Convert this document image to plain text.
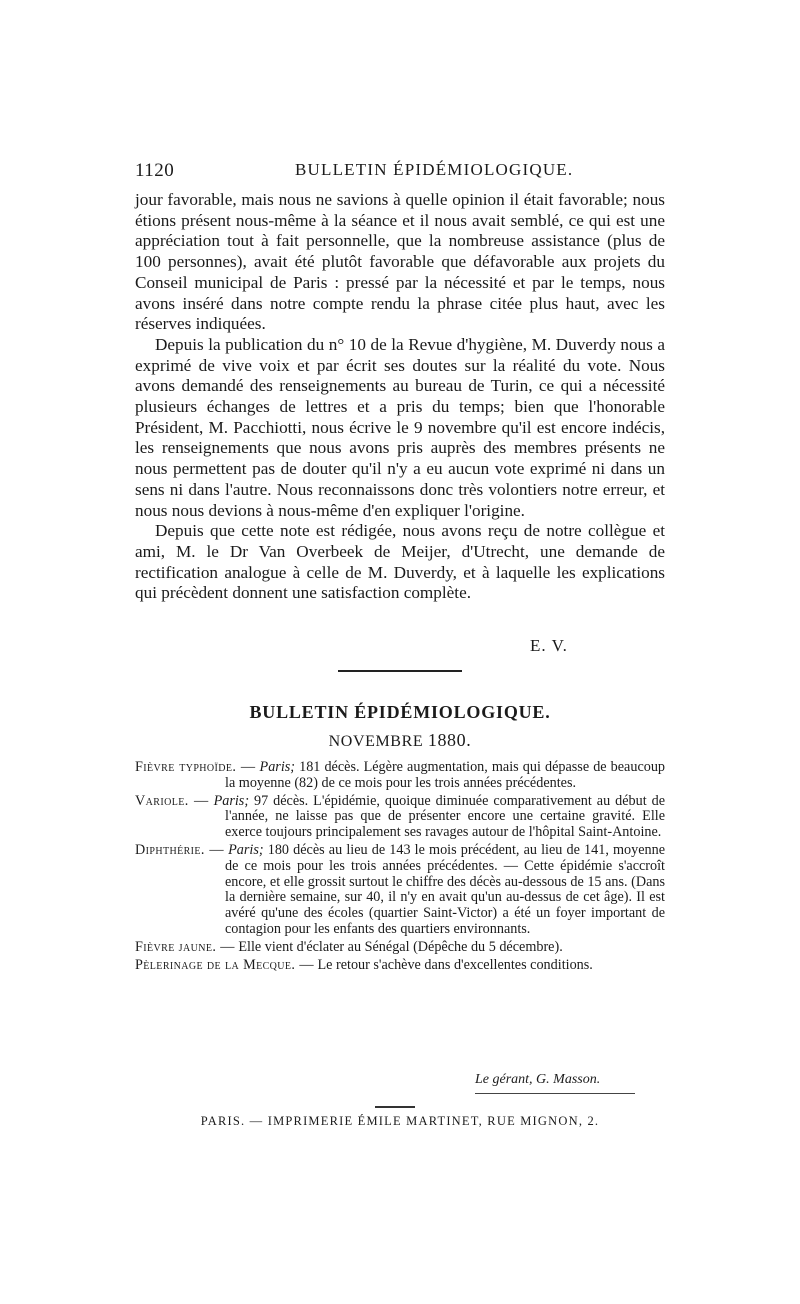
1120	BULLETIN ÉPIDÉMIOLOGIQUE.

jour favorable, mais nous ne savions à quelle opinion il était favorable; nous étions présent nous-même à la séance et il nous avait semblé, ce qui est une appréciation tout à fait personnelle, que la nombreuse assistance (plus de 100 personnes), avait été plutôt favorable que défavorable aux projets du Conseil municipal de Paris : pressé par la nécessité et par le temps, nous avons inséré dans notre compte rendu la phrase citée plus haut, avec les réserves indiquées.

Depuis la publication du n° 10 de la Revue d'hygiène, M. Duverdy nous a exprimé de vive voix et par écrit ses doutes sur la réalité du vote. Nous avons demandé des renseignements au bureau de Turin, ce qui a nécessité plusieurs échanges de lettres et a pris du temps; bien que l'honorable Président, M. Pacchiotti, nous écrive le 9 novembre qu'il est encore indécis, les renseignements que nous avons pris auprès des membres présents ne nous permettent pas de douter qu'il n'y a eu aucun vote exprimé ni dans un sens ni dans l'autre. Nous reconnaissons donc très volontiers notre erreur, et nous nous devions à nous-même d'en expliquer l'origine.

Depuis que cette note est rédigée, nous avons reçu de notre collègue et ami, M. le Dr Van Overbeek de Meijer, d'Utrecht, une demande de rectification analogue à celle de M. Duverdy, et à laquelle les explications qui précèdent donnent une satisfaction complète.

E. V.
BULLETIN ÉPIDÉMIOLOGIQUE.
NOVEMBRE 1880.

Fièvre typhoïde. — Paris; 181 décès. Légère augmentation, mais qui dépasse de beaucoup la moyenne (82) de ce mois pour les trois années précédentes.

Variole. — Paris; 97 décès. L'épidémie, quoique diminuée comparativement au début de l'année, ne laisse pas que de présenter encore une certaine gravité. Elle exerce toujours principalement ses ravages autour de l'hôpital Saint-Antoine.

Diphthérie. — Paris; 180 décès au lieu de 143 le mois précédent, au lieu de 141, moyenne de ce mois pour les trois années précédentes. — Cette épidémie s'accroît encore, et elle grossit surtout le chiffre des décès au-dessous de 15 ans. (Dans la dernière semaine, sur 40, il n'y en avait qu'un au-dessus de cet âge). Il est avéré qu'une des écoles (quartier Saint-Victor) a été un foyer important de contagion pour les enfants des quartiers environnants.

Fièvre jaune. — Elle vient d'éclater au Sénégal (Dépêche du 5 décembre).

Pèlerinage de la Mecque. — Le retour s'achève dans d'excellentes conditions.

Le gérant, G. Masson.
PARIS. — IMPRIMERIE ÉMILE MARTINET, RUE MIGNON, 2.
